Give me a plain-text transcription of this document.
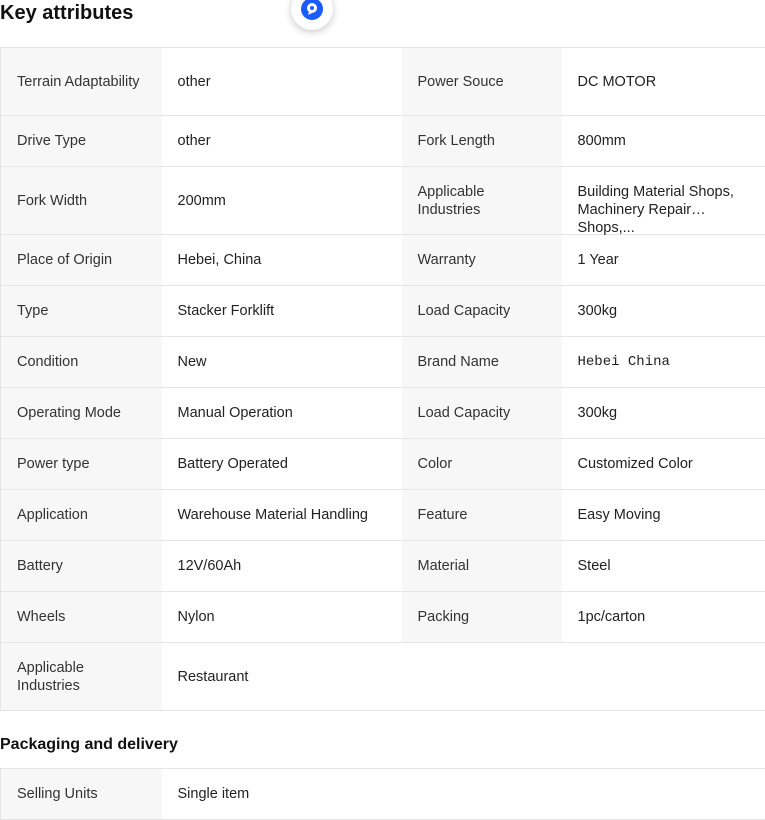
Key attributes
Terrain Adaptability	other	Power Souce	DC MOTOR
Drive Type	other	Fork Length	800mm
Fork Width	200mm	Applicable Industries	Building Material Shops, Machinery Repair Shops,...

Place of Origin	Hebei, China	Warranty	1 Year
Type	Stacker Forklift	Load Capacity	300kg
Condition	New	Brand Name	Hebei China
Operating Mode	Manual Operation	Load Capacity	300kg
Power type	Battery Operated	Color	Customized Color
Application	Warehouse Material Handling	Feature	Easy Moving
Battery	12V/60Ah	Material	Steel
Wheels	Nylon	Packing	1pc/carton
Applicable Industries	Restaurant		
Packaging and delivery
Selling Units	Single item		
